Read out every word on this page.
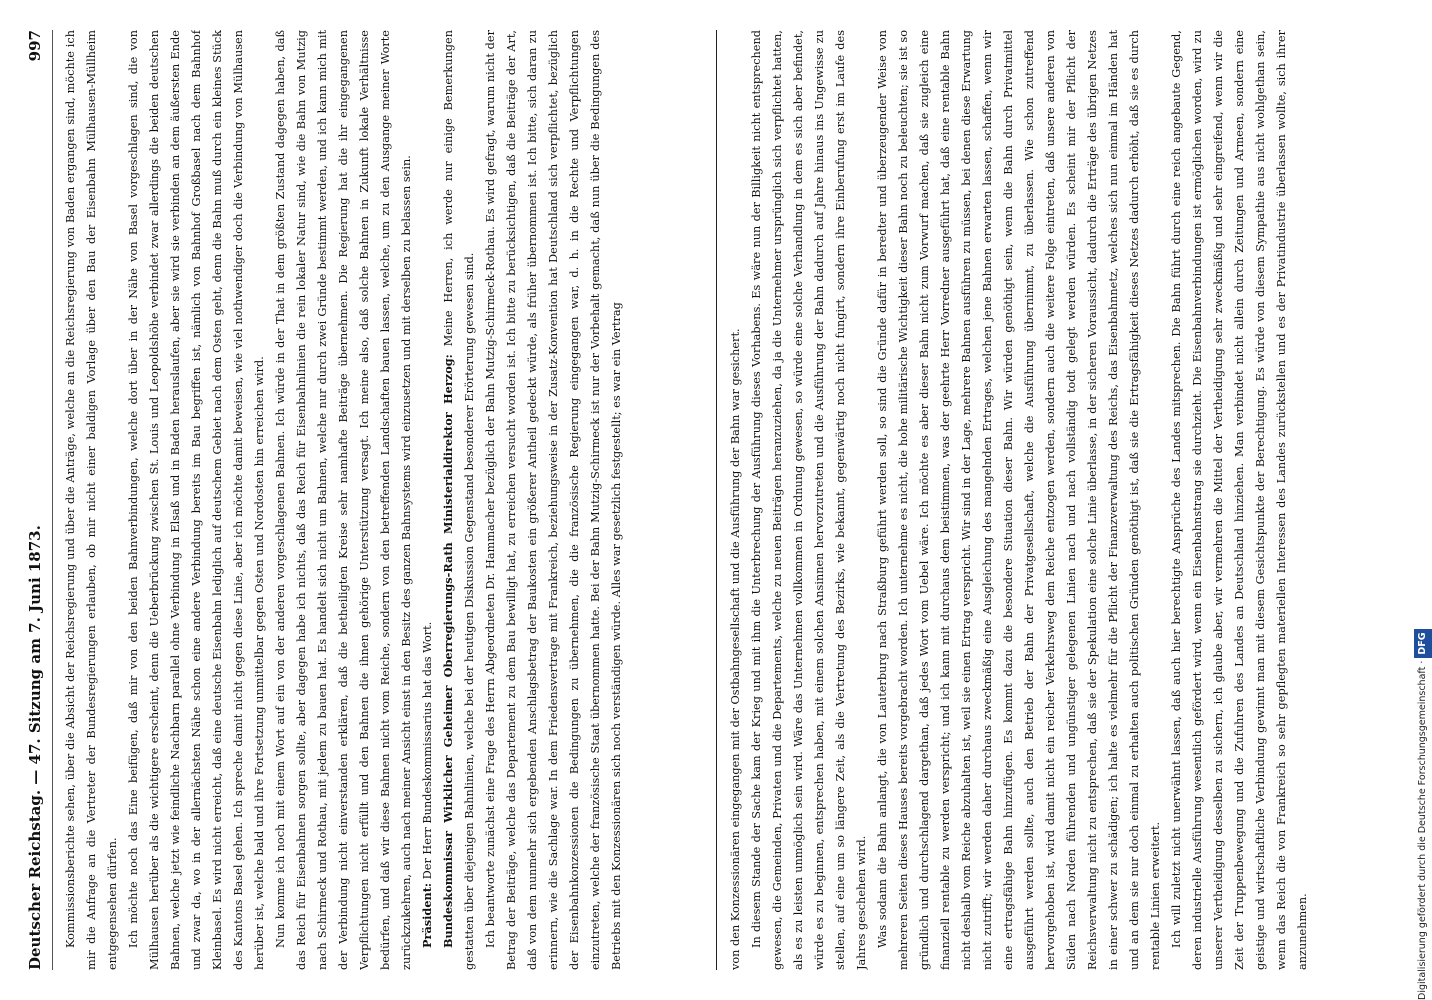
Deutscher Reichstag. — 47. Sitzung am 7. Juni 1873.
997	Kommissionsberichte sehen, über die Absicht der Reichsregierung und über die Anträge, welche an die Reichsregierung von Baden ergangen sind, möchte ich mir die Anfrage an die Vertreter der Bundesregierungen erlauben, ob mir nicht einer baldigen Vorlage über den Bau der Eisenbahn Mülhausen-Müllheim entgegensehen dürfen. Ich möchte noch das Eine beifügen, daß mir von den beiden Bahnverbindungen, welche dort über in der Nähe von Basel vorgeschlagen sind, die von Mülhausen herüber als die wichtigere erscheint, denn die Ueberbrückung zwischen St. Louis und Leopoldshöhe verbindet zwar allerdings die beiden deutschen Bahnen, welche jetzt wie feindliche Nachbarn parallel ohne Verbindung in Elsaß und in Baden herauslaufen, aber sie wird sie verbinden an dem äußersten Ende und zwar da, wo in der allernächsten Nähe schon eine andere Verbindung bereits im Bau begriffen ist, nämlich von Bahnhof Großbasel nach dem Bahnhof Kleinbasel. Es wird nicht erreicht, daß eine deutsche Eisenbahn lediglich auf deutschem Gebiet nach dem Osten geht, denn die Bahn muß durch ein kleines Stück des Kantons Basel gehen. Ich spreche damit nicht gegen diese Linie, aber ich möchte damit beweisen, wie viel nothwendiger doch die Verbindung von Mülhausen herüber ist, welche bald und ihre Fortsetzung unmittelbar gegen Osten und Nordosten hin erreichen wird. Nun komme ich noch mit einem Wort auf ein von der anderen vorgeschlagenen Bahnen. Ich würde in der That in dem größten Zustand dagegen haben, daß das Reich für Eisenbahnen sorgen sollte, aber dagegen habe ich nichts, daß das Reich für Eisenbahnlinien die rein lokaler Natur sind, wie die Bahn von Mutzig nach Schirmeck und Rothau, mit jedem zu bauen hat. Es handelt sich nicht um Bahnen, welche nur durch zwei Gründe bestimmt werden, und ich kann mich mit der Verbindung nicht einverstanden erklären, daß die betheiligten Kreise sehr namhafte Beiträge übernehmen. Die Regierung hat die ihr eingegangenen Verpflichtungen nicht erfüllt und den Bahnen die ihnen gehörige Unterstützung versagt. Ich meine also, daß solche Bahnen in Zukunft lokale Verhältnisse bedürfen, und daß wir diese Bahnen nicht vom Reiche, sondern von den betreffenden Landschaften bauen lassen, welche, um zu den Ausgange meiner Worte zurückzukehren, auch nach meiner Ansicht einst in den Besitz des ganzen Bahnsystems wird einzusetzen und mit derselben zu belassen sein. Präsident: Der Herr Bundeskommissarius hat das Wort. Bundeskommissar Wirklicher Geheimer Oberregierungs-Rath Ministerialdirektor Herzog: Meine Herren, ich werde nur einige Bemerkungen gestatten über diejenigen Bahnlinien, welche bei der heutigen Diskussion Gegenstand besonderer Erörterung gewesen sind. Ich beantworte zunächst eine Frage des Herrn Abgeordneten Dr. Hammacher bezüglich der Bahn Mutzig-Schirmeck-Rothau. Es wird gefragt, warum nicht der Betrag der Beiträge, welche das Departement zu dem Bau bewilligt hat, zu erreichen versucht worden ist. Ich bitte zu berücksichtigen, daß die Beiträge der Art, daß von dem nunmehr sich ergebenden Anschlagsbetrag der Baukosten ein größerer Antheil gedeckt würde, als früher übernommen ist. Ich bitte, sich daran zu erinnern, wie die Sachlage war. In dem Friedensvertrage mit Frankreich, beziehungsweise in der Zusatz-Konvention hat Deutschland sich verpflichtet, bezüglich der Eisenbahnkonzessionen die Bedingungen zu übernehmen, die die französische Regierung eingegangen war, d. h. in die Rechte und Verpflichtungen einzutreten, welche der französische Staat übernommen hatte. Bei der Bahn Mutzig-Schirmeck ist nur der Vorbehalt gemacht, daß nun über die Bedingungen des Betriebs mit den Konzessionären sich noch verständigen würde. Alles war gesetzlich festgestellt; es war ein Vertrag	von den Konzessionären eingegangen mit der Ostbahngesellschaft und die Ausführung der Bahn war gesichert. In diesem Stande der Sache kam der Krieg und mit ihm die Unterbrechung der Ausführung dieses Vorhabens. Es wäre nun der Billigkeit nicht entsprechend gewesen, die Gemeinden, Privaten und die Departements, welche zu neuen Beiträgen heranzuziehen, da ja die Unternehmer ursprünglich sich verpflichtet hatten, als es zu leisten unmöglich sein wird. Wäre das Unternehmen vollkommen in Ordnung gewesen, so würde eine solche Verhandlung in dem es sich aber befindet, würde es zu beginnen, entsprechen haben, mit einem solchen Ansinnen hervorzutreten und die Ausführung der Bahn dadurch auf Jahre hinaus ins Ungewisse zu stellen, auf eine um so längere Zeit, als die Vertretung des Bezirks, wie bekannt, gegenwärtig noch nicht fungirt, sondern ihre Einberufung erst im Laufe des Jahres geschehen wird. Was sodann die Bahn anlangt, die von Lauterburg nach Straßburg geführt werden soll, so sind die Gründe dafür in beredter und überzeugender Weise von mehreren Seiten dieses Hauses bereits vorgebracht worden. Ich unternehme es nicht, die hohe militärische Wichtigkeit dieser Bahn noch zu beleuchten; sie ist so gründlich und durchschlagend dargethan, daß jedes Wort vom Uebel wäre. Ich möchte es aber dieser Bahn nicht zum Vorwurf machen, daß sie zugleich eine finanziell rentable zu werden verspricht; und ich kann mit durchaus dem beistimmen, was der geehrte Herr Vorredner ausgeführt hat, daß eine rentable Bahn nicht deshalb vom Reiche abzuhalten ist, weil sie einen Ertrag verspricht. Wir sind in der Lage, mehrere Bahnen ausführen zu müssen, bei denen diese Erwartung nicht zutrifft; wir werden daher durchaus zweckmäßig eine Ausgleichung des mangelnden Ertrages, welchen jene Bahnen erwarten lassen, schaffen, wenn wir eine ertragsfähige Bahn hinzufügen. Es kommt dazu die besondere Situation dieser Bahn. Wir würden genöthigt sein, wenn die Bahn durch Privatmittel ausgeführt werden sollte, auch den Betrieb der Bahn der Privatgesellschaft, welche die Ausführung übernimmt, zu überlassen. Wie schon zutreffend hervorgehoben ist, wird damit nicht ein reicher Verkehrsweg dem Reiche entzogen werden, sondern auch die weitere Folge eintreten, daß unsere anderen von Süden nach Norden führenden und ungünstiger gelegenen Linien nach und nach vollständig todt gelegt werden würden. Es scheint mir der Pflicht der Reichsverwaltung nicht zu entsprechen, daß sie der Spekulation eine solche Linie überlasse, in der sicheren Voraussicht, dadurch die Erträge des übrigen Netzes in einer schwer zu schädigen; ich halte es vielmehr für die Pflicht der Finanzverwaltung des Reichs, das Eisenbahnnetz, welches sich nun einmal im Händen hat und an dem sie nur doch einmal zu erhalten auch politischen Gründen genöthigt ist, daß sie die Ertragsfähigkeit dieses Netzes dadurch erhöht, daß sie es durch rentable Linien erweitert. Ich will zuletzt nicht unerwähnt lassen, daß auch hier berechtigte Ansprüche des Landes mitsprechen. Die Bahn führt durch eine reich angebaute Gegend, deren industrielle Ausführung wesentlich gefördert wird, wenn ein Eisenbahnstrang sie durchzieht. Die Eisenbahnverbindungen ist ermöglichen worden, wird zu unserer Vertheidigung desselben zu sichern, ich glaube aber, wir vermehren die Mittel der Vertheidigung sehr zweckmäßig und sehr eingreifend, wenn wir die Zeit der Truppenbewegung und die Zufuhren des Landes an Deutschland hinziehen. Man verbindet nicht allein durch Zeitungen und Armeen, sondern eine geistige und wirtschaftliche Verbindung gewinnt man mit diesem Gesichtspunkte der Berechtigung. Es würde von diesem Sympathie aus nicht wohlgethan sein, wenn das Reich die von Frankreich so sehr gepflegten materiellen Interessen des Landes zurückstellen und es der Privatindustrie überlassen wollte, sich ihrer anzunehmen.	Digitalisierung gefördert durch die Deutsche Forschungsgemeinschaft · DFG
